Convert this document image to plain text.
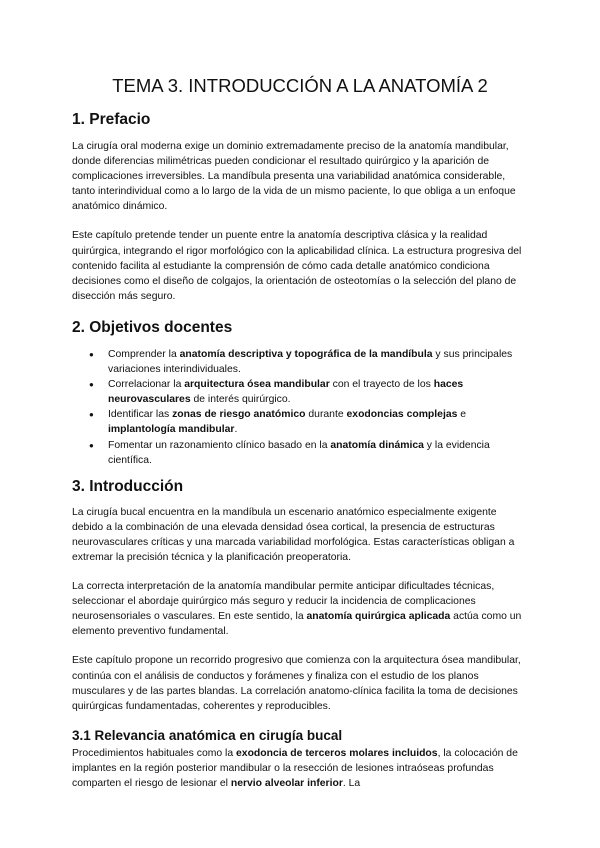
TEMA 3. INTRODUCCIÓN A LA ANATOMÍA 2
1. Prefacio

La cirugía oral moderna exige un dominio extremadamente preciso de la anatomía mandibular, donde diferencias milimétricas pueden condicionar el resultado quirúrgico y la aparición de complicaciones irreversibles. La mandíbula presenta una variabilidad anatómica considerable, tanto interindividual como a lo largo de la vida de un mismo paciente, lo que obliga a un enfoque anatómico dinámico.

Este capítulo pretende tender un puente entre la anatomía descriptiva clásica y la realidad quirúrgica, integrando el rigor morfológico con la aplicabilidad clínica. La estructura progresiva del contenido facilita al estudiante la comprensión de cómo cada detalle anatómico condiciona decisiones como el diseño de colgajos, la orientación de osteotomías o la selección del plano de disección más seguro.

2. Objetivos docentes
● Comprender la anatomía descriptiva y topográfica de la mandíbula y sus principales variaciones interindividuales.
● Correlacionar la arquitectura ósea mandibular con el trayecto de los haces neurovasculares de interés quirúrgico.
● Identificar las zonas de riesgo anatómico durante exodoncias complejas e implantología mandibular.
● Fomentar un razonamiento clínico basado en la anatomía dinámica y la evidencia científica.
3. Introducción

La cirugía bucal encuentra en la mandíbula un escenario anatómico especialmente exigente debido a la combinación de una elevada densidad ósea cortical, la presencia de estructuras neurovasculares críticas y una marcada variabilidad morfológica. Estas características obligan a extremar la precisión técnica y la planificación preoperatoria.

La correcta interpretación de la anatomía mandibular permite anticipar dificultades técnicas, seleccionar el abordaje quirúrgico más seguro y reducir la incidencia de complicaciones neurosensoriales o vasculares. En este sentido, la anatomía quirúrgica aplicada actúa como un elemento preventivo fundamental.

Este capítulo propone un recorrido progresivo que comienza con la arquitectura ósea mandibular, continúa con el análisis de conductos y forámenes y finaliza con el estudio de los planos musculares y de las partes blandas. La correlación anatomo-clínica facilita la toma de decisiones quirúrgicas fundamentadas, coherentes y reproducibles.

3.1 Relevancia anatómica en cirugía bucal

Procedimientos habituales como la exodoncia de terceros molares incluidos, la colocación de implantes en la región posterior mandibular o la resección de lesiones intraóseas profundas comparten el riesgo de lesionar el nervio alveolar inferior. La
